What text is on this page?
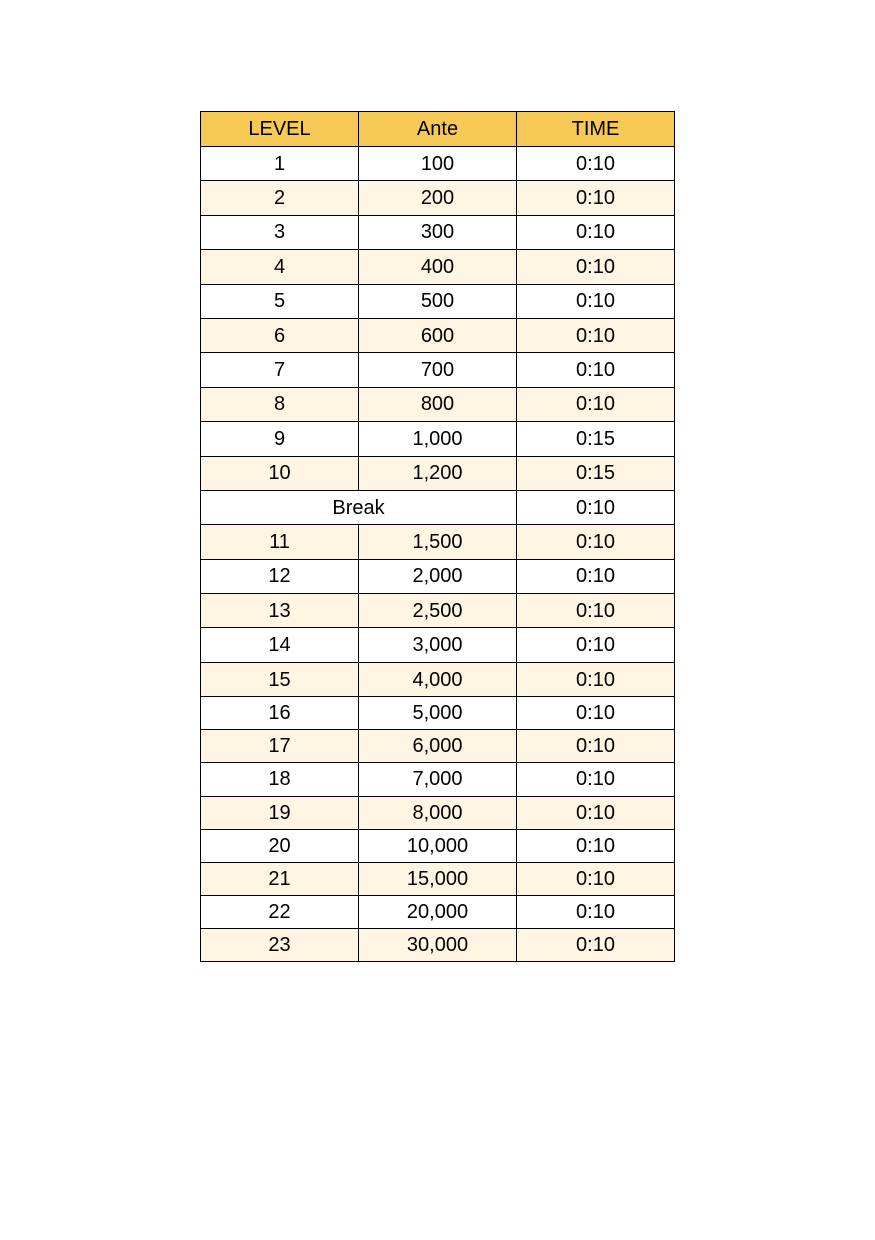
LEVEL	Ante	TIME
1	100	0:10
2	200	0:10
3	300	0:10
4	400	0:10
5	500	0:10
6	600	0:10
7	700	0:10
8	800	0:10
9	1,000	0:15
10	1,200	0:15
Break		0:10
11	1,500	0:10
12	2,000	0:10
13	2,500	0:10
14	3,000	0:10
15	4,000	0:10
16	5,000	0:10
17	6,000	0:10
18	7,000	0:10
19	8,000	0:10
20	10,000	0:10
21	15,000	0:10
22	20,000	0:10
23	30,000	0:10
